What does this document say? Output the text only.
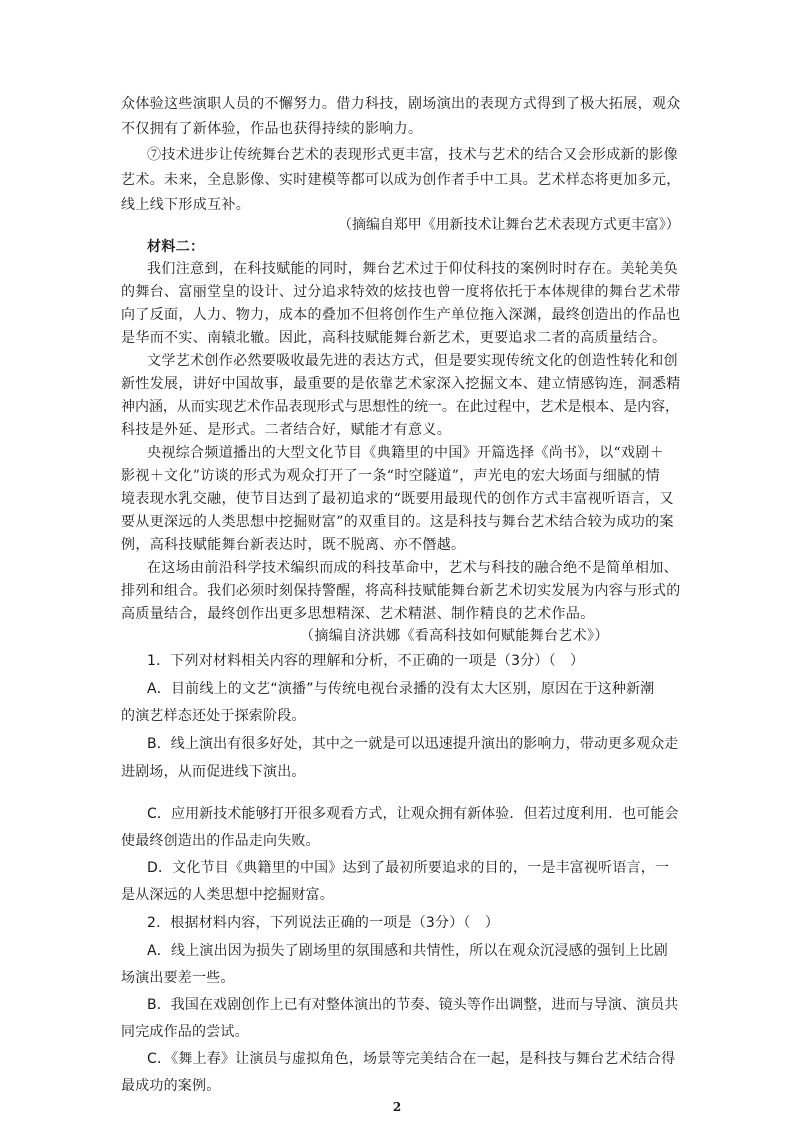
众体验这些演职人员的不懈努力。借力科技，剧场演出的表现方式得到了极大拓展，观众
不仅拥有了新体验，作品也获得持续的影响力。
⑦技术进步让传统舞台艺术的表现形式更丰富，技术与艺术的结合又会形成新的影像
艺术。未来，全息影像、实时建模等都可以成为创作者手中工具。艺术样态将更加多元，
线上线下形成互补。
（摘编自郑甲《用新技术让舞台艺术表现方式更丰富》）
材料二：
我们注意到，在科技赋能的同时，舞台艺术过于仰仗科技的案例时时存在。美轮美奂
的舞台、富丽堂皇的设计、过分追求特效的炫技也曾一度将依托于本体规律的舞台艺术带
向了反面，人力、物力，成本的叠加不但将创作生产单位拖入深渊，最终创造出的作品也
是华而不实、南辕北辙。因此，高科技赋能舞台新艺术，更要追求二者的高质量结合。
文学艺术创作必然要吸收最先进的表达方式，但是要实现传统文化的创造性转化和创
新性发展，讲好中国故事，最重要的是依靠艺术家深入挖掘文本、建立情感钩连，洞悉精
神内涵，从而实现艺术作品表现形式与思想性的统一。在此过程中，艺术是根本、是内容，
科技是外延、是形式。二者结合好，赋能才有意义。
央视综合频道播出的大型文化节目《典籍里的中国》开篇选择《尚书》，以“戏剧＋
影视＋文化”访谈的形式为观众打开了一条“时空隧道”，声光电的宏大场面与细腻的情
境表现水乳交融，使节目达到了最初追求的“既要用最现代的创作方式丰富视听语言，又
要从更深远的人类思想中挖掘财富”的双重目的。这是科技与舞台艺术结合较为成功的案
例，高科技赋能舞台新表达时，既不脱离、亦不僭越。
在这场由前沿科学技术编织而成的科技革命中，艺术与科技的融合绝不是简单相加、
排列和组合。我们必须时刻保持警醒，将高科技赋能舞台新艺术切实发展为内容与形式的
高质量结合，最终创作出更多思想精深、艺术精湛、制作精良的艺术作品。
（摘编自济洪娜《看高科技如何赋能舞台艺术》）
1．下列对材料相关内容的理解和分析，不正确的一项是（3分）（　）
A．目前线上的文艺“演播”与传统电视台录播的没有太大区别，原因在于这种新潮
的演艺样态还处于探索阶段。
B．线上演出有很多好处，其中之一就是可以迅速提升演出的影响力，带动更多观众走
进剧场，从而促进线下演出。
C．应用新技术能够打开很多观看方式，让观众拥有新体验．但若过度利用．也可能会
使最终创造出的作品走向失败。
D．文化节目《典籍里的中国》达到了最初所要追求的目的，一是丰富视听语言，一
是从深远的人类思想中挖掘财富。
2．根据材料内容，下列说法正确的一项是（3分）（　）
A．线上演出因为损失了剧场里的氛围感和共情性，所以在观众沉浸感的强钊上比剧
场演出要差一些。
B．我国在戏剧创作上已有对整体演出的节奏、镜头等作出调整，进而与导演、演员共
同完成作品的尝试。
C．《舞上春》让演员与虚拟角色，场景等完美结合在一起，是科技与舞台艺术结合得
最成功的案例。
2
